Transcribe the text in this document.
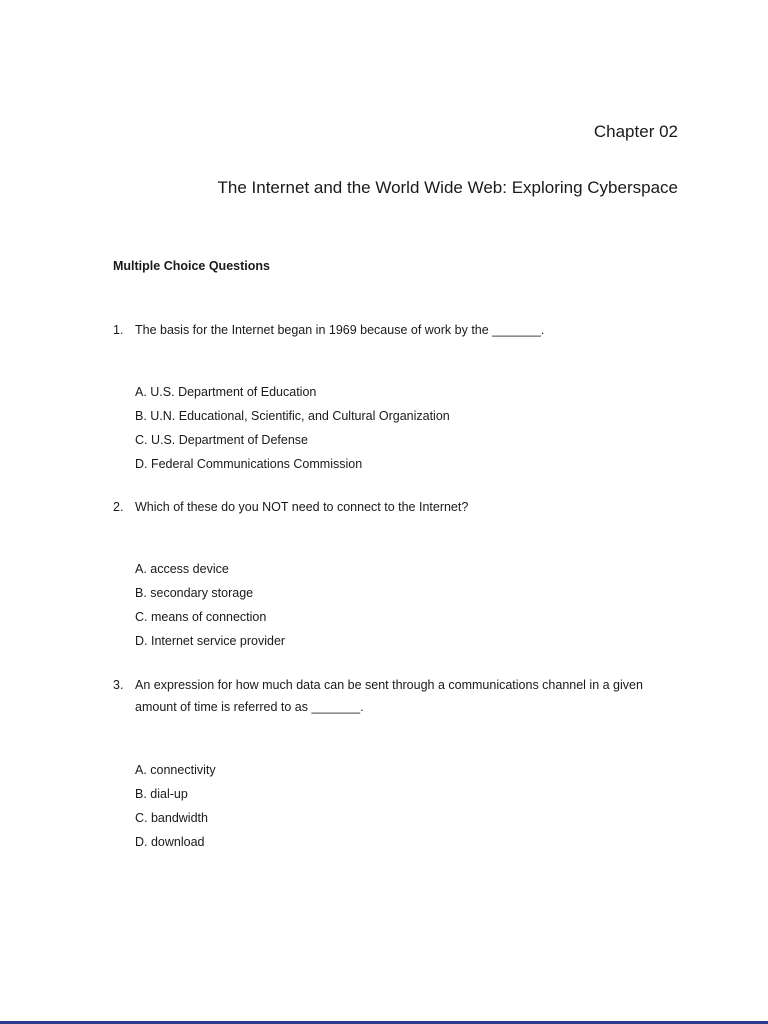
Chapter 02
The Internet and the World Wide Web: Exploring Cyberspace
Multiple Choice Questions
1. The basis for the Internet began in 1969 because of work by the _______.
A. U.S. Department of Education
B. U.N. Educational, Scientific, and Cultural Organization
C. U.S. Department of Defense
D. Federal Communications Commission
2. Which of these do you NOT need to connect to the Internet?
A. access device
B. secondary storage
C. means of connection
D. Internet service provider
3. An expression for how much data can be sent through a communications channel in a given amount of time is referred to as _______.
A. connectivity
B. dial-up
C. bandwidth
D. download
